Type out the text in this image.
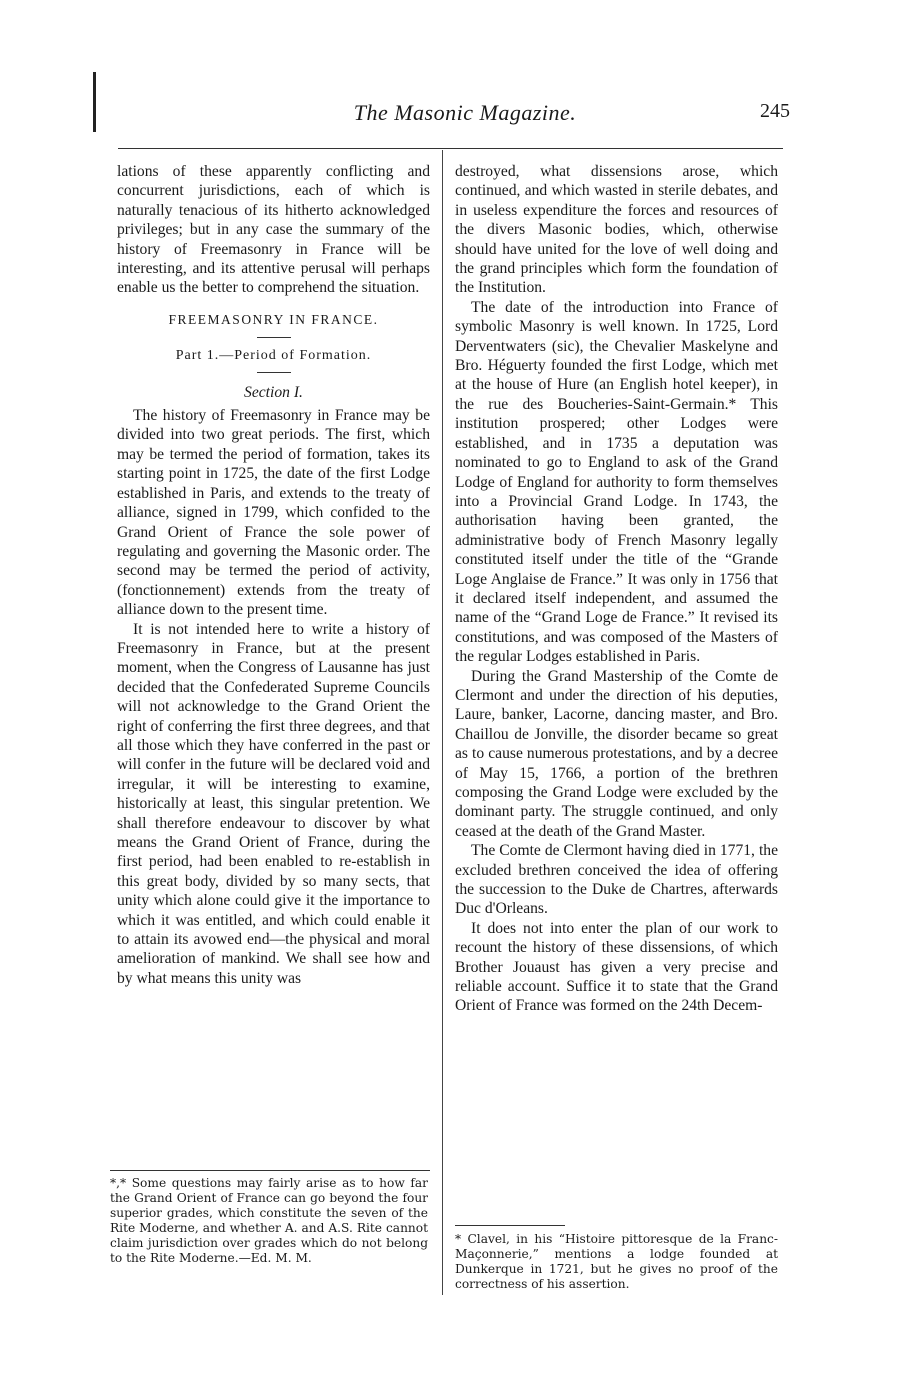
The Masonic Magazine.	245

lations of these apparently conflicting and concurrent jurisdictions, each of which is naturally tenacious of its hitherto acknowledged privileges; but in any case the summary of the history of Freemasonry in France will be interesting, and its attentive perusal will perhaps enable us the better to comprehend the situation.

FREEMASONRY IN FRANCE.
Part 1.—Period of Formation.
Section I.

The history of Freemasonry in France may be divided into two great periods. The first, which may be termed the period of formation, takes its starting point in 1725, the date of the first Lodge established in Paris, and extends to the treaty of alliance, signed in 1799, which confided to the Grand Orient of France the sole power of regulating and governing the Masonic order. The second may be termed the period of activity, (fonctionnement) extends from the treaty of alliance down to the present time.

It is not intended here to write a history of Freemasonry in France, but at the present moment, when the Congress of Lausanne has just decided that the Confederated Supreme Councils will not acknowledge to the Grand Orient the right of conferring the first three degrees, and that all those which they have conferred in the past or will confer in the future will be declared void and irregular, it will be interesting to examine, historically at least, this singular pretention. We shall therefore endeavour to discover by what means the Grand Orient of France, during the first period, had been enabled to re-establish in this great body, divided by so many sects, that unity which alone could give it the importance to which it was entitled, and which could enable it to attain its avowed end—the physical and moral amelioration of mankind. We shall see how and by what means this unity was

*,* Some questions may fairly arise as to how far the Grand Orient of France can go beyond the four superior grades, which constitute the seven of the Rite Moderne, and whether A. and A.S. Rite cannot claim jurisdiction over grades which do not belong to the Rite Moderne.—Ed. M. M.

destroyed, what dissensions arose, which continued, and which wasted in sterile debates, and in useless expenditure the forces and resources of the divers Masonic bodies, which, otherwise should have united for the love of well doing and the grand principles which form the foundation of the Institution.

The date of the introduction into France of symbolic Masonry is well known. In 1725, Lord Derventwaters (sic), the Chevalier Maskelyne and Bro. Héguerty founded the first Lodge, which met at the house of Hure (an English hotel keeper), in the rue des Boucheries-Saint-Germain.* This institution prospered; other Lodges were established, and in 1735 a deputation was nominated to go to England to ask of the Grand Lodge of England for authority to form themselves into a Provincial Grand Lodge. In 1743, the authorisation having been granted, the administrative body of French Masonry legally constituted itself under the title of the “Grande Loge Anglaise de France.” It was only in 1756 that it declared itself independent, and assumed the name of the “Grand Loge de France.” It revised its constitutions, and was composed of the Masters of the regular Lodges established in Paris.

During the Grand Mastership of the Comte de Clermont and under the direction of his deputies, Laure, banker, Lacorne, dancing master, and Bro. Chaillou de Jonville, the disorder became so great as to cause numerous protestations, and by a decree of May 15, 1766, a portion of the brethren composing the Grand Lodge were excluded by the dominant party. The struggle continued, and only ceased at the death of the Grand Master.

The Comte de Clermont having died in 1771, the excluded brethren conceived the idea of offering the succession to the Duke de Chartres, afterwards Duc d'Orleans.

It does not into enter the plan of our work to recount the history of these dissensions, of which Brother Jouaust has given a very precise and reliable account. Suffice it to state that the Grand Orient of France was formed on the 24th Decem-

* Clavel, in his “Histoire pittoresque de la Franc-Maçonnerie,” mentions a lodge founded at Dunkerque in 1721, but he gives no proof of the correctness of his assertion.
